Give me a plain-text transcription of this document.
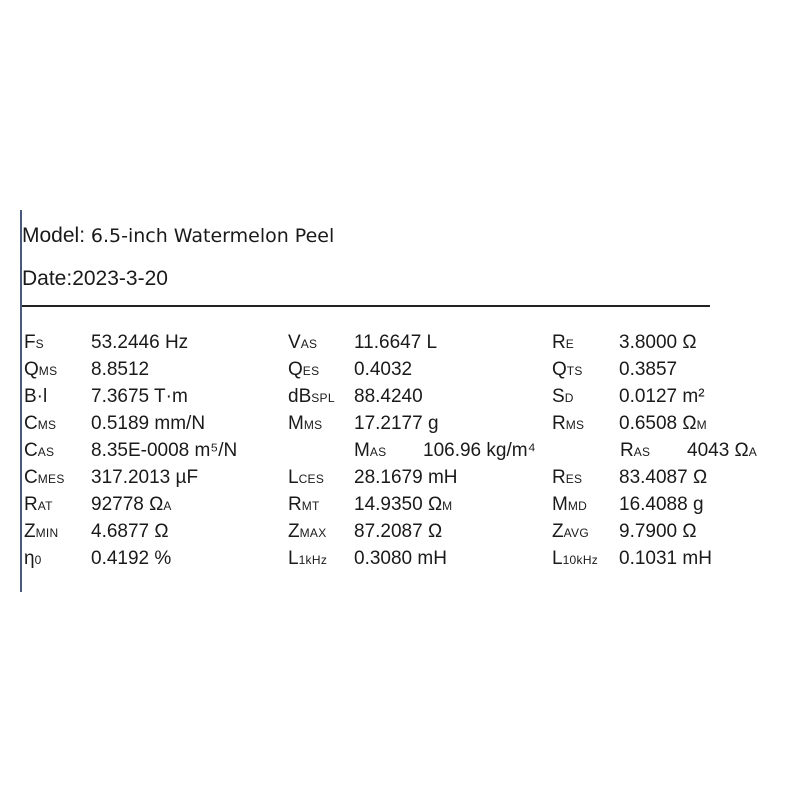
Model: 6.5-inch Watermelon Peel
Date:2023-3-20
FS 53.2446 Hz	VAS 11.6647 L	RE 3.8000 Ω
QMS 8.8512	QES 0.4032	QTS 0.3857
B·l 7.3675 T·m	dBSPL 88.4240	SD 0.0127 m²
CMS 0.5189 mm/N	MMS 17.2177 g	RMS 0.6508 ΩM
CAS 8.35E-0008 m⁵/N	MAS 106.96 kg/m⁴	RAS 4043 ΩA
CMES 317.2013 µF	LCES 28.1679 mH	RES 83.4087 Ω
RAT 92778 ΩA	RMT 14.9350 ΩM	MMD 16.4088 g
ZMIN 4.6877 Ω	ZMAX 87.2087 Ω	ZAVG 9.7900 Ω
η0	0.4192 %	L1kHz 0.3080 mH	L10kHz 0.1031 mH
